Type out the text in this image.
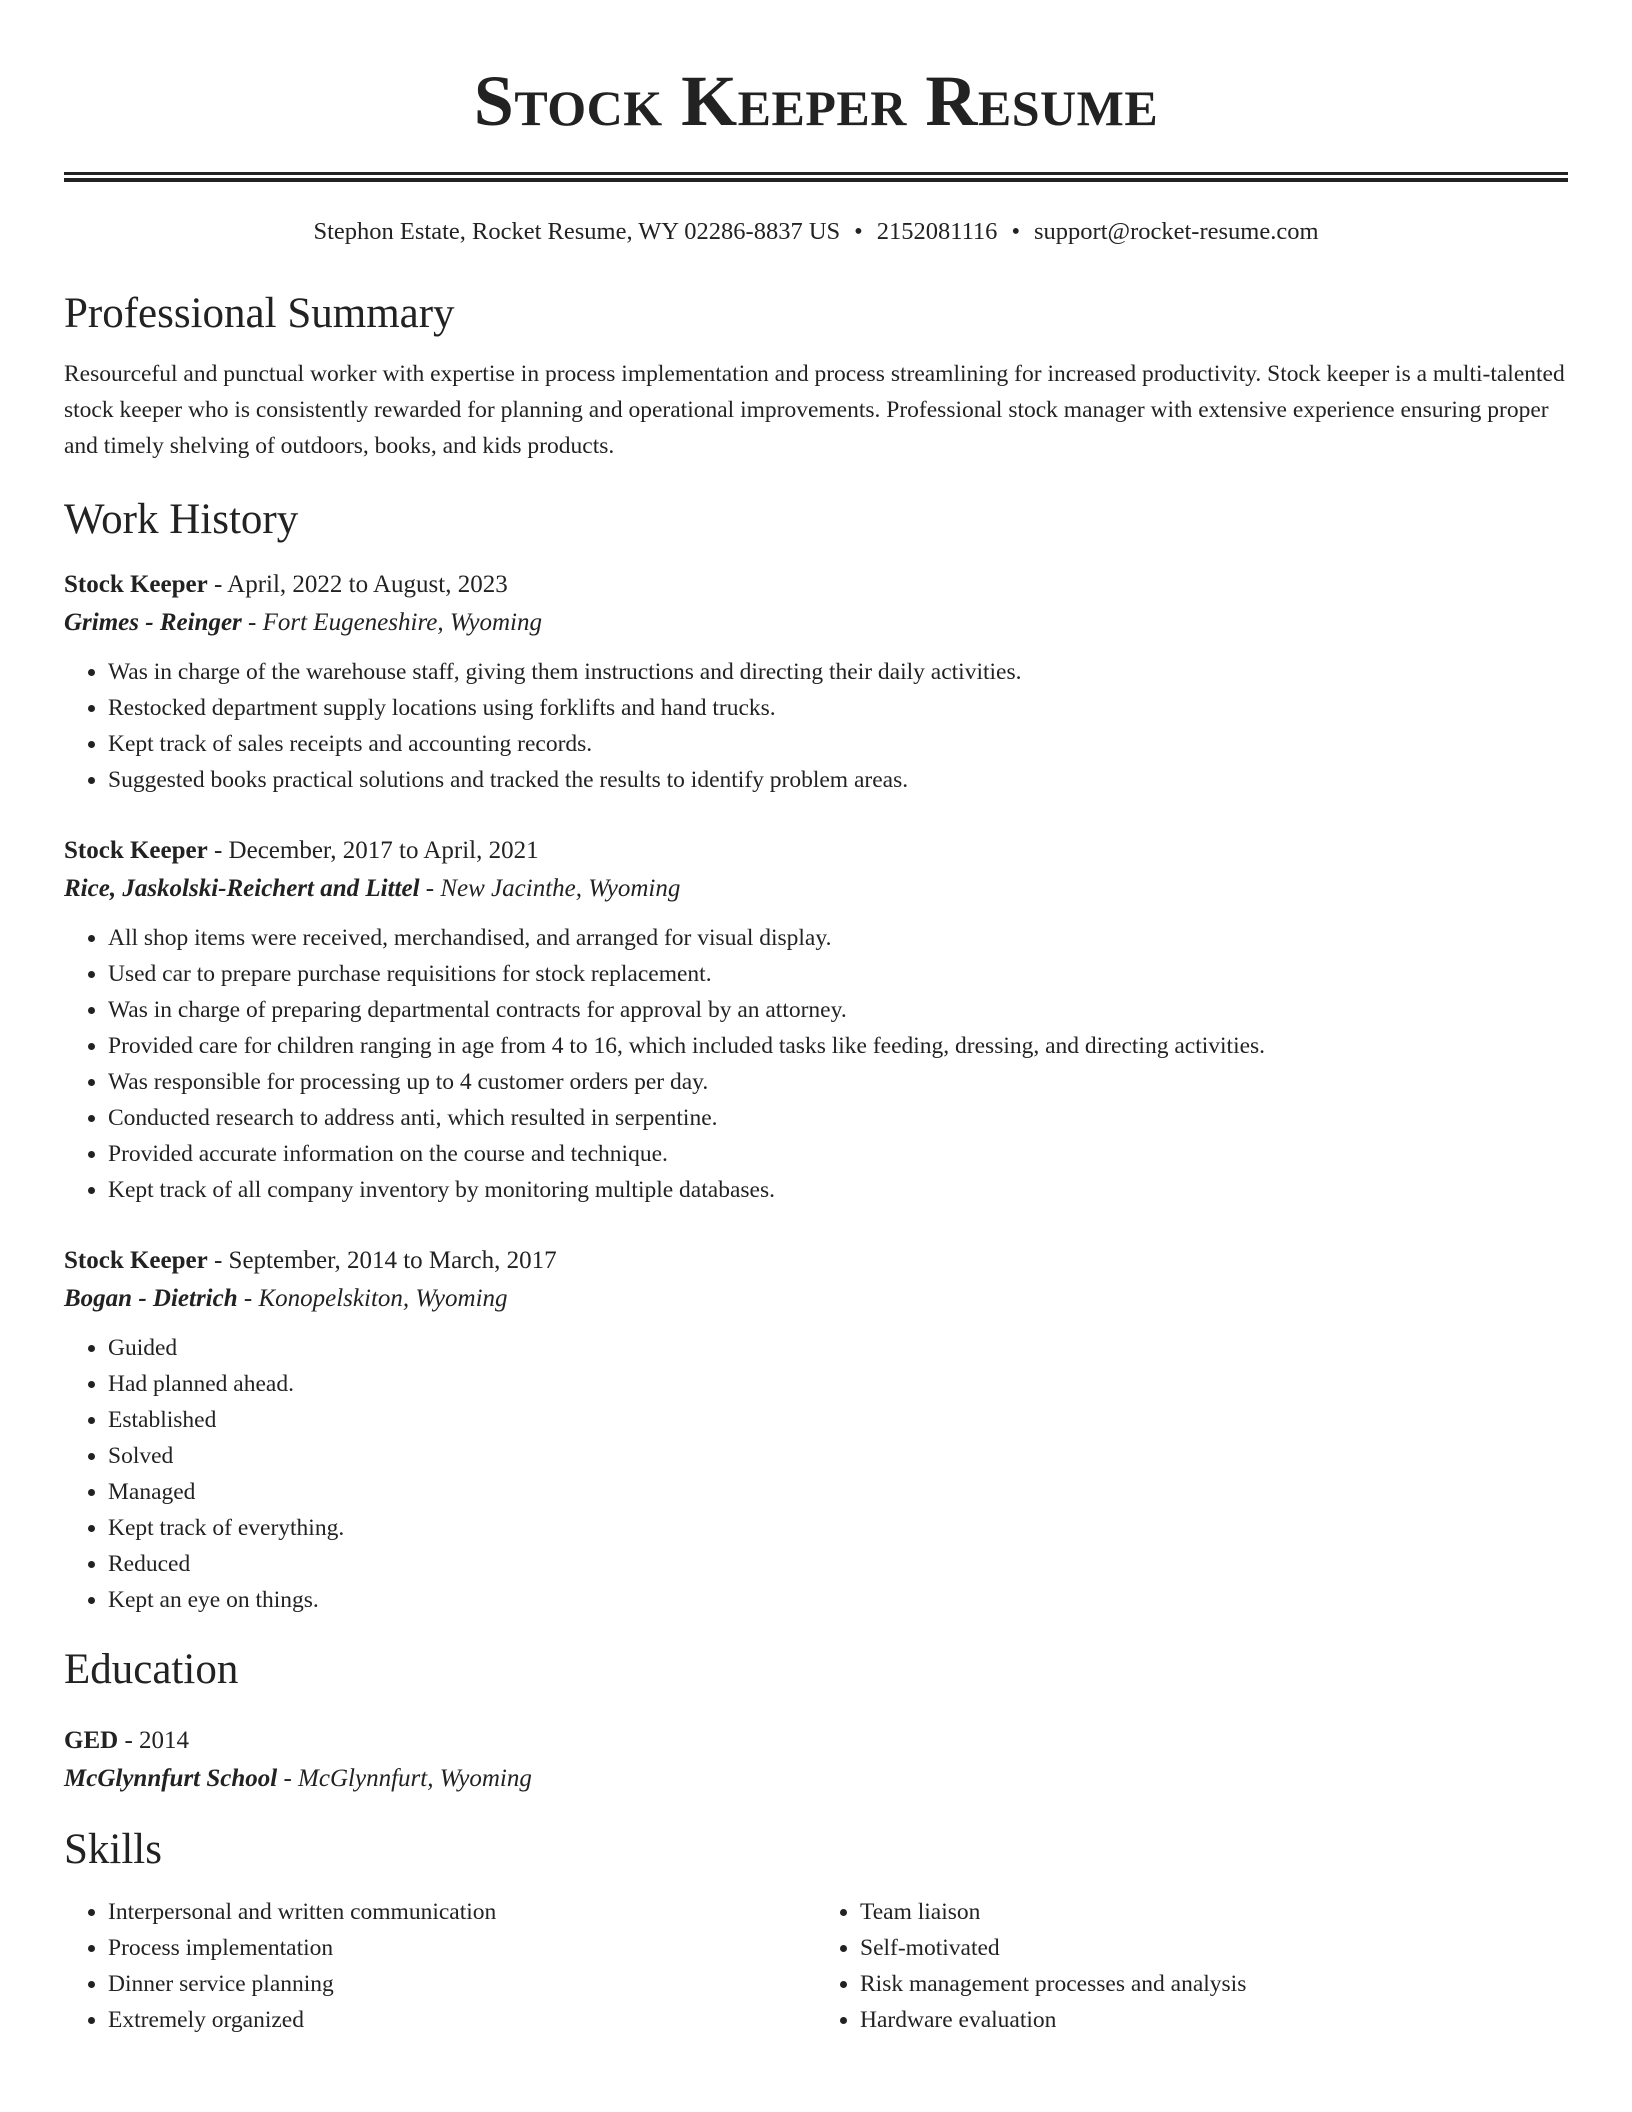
Stock Keeper Resume
Stephon Estate, Rocket Resume, WY 02286-8837 US • 2152081116 • support@rocket-resume.com
Professional Summary
Resourceful and punctual worker with expertise in process implementation and process streamlining for increased productivity. Stock keeper is a multi-talented stock keeper who is consistently rewarded for planning and operational improvements. Professional stock manager with extensive experience ensuring proper and timely shelving of outdoors, books, and kids products.
Work History
Stock Keeper - April, 2022 to August, 2023
Grimes - Reinger - Fort Eugeneshire, Wyoming
• Was in charge of the warehouse staff, giving them instructions and directing their daily activities.
• Restocked department supply locations using forklifts and hand trucks.
• Kept track of sales receipts and accounting records.
• Suggested books practical solutions and tracked the results to identify problem areas.
Stock Keeper - December, 2017 to April, 2021
Rice, Jaskolski-Reichert and Littel - New Jacinthe, Wyoming
• All shop items were received, merchandised, and arranged for visual display.
• Used car to prepare purchase requisitions for stock replacement.
• Was in charge of preparing departmental contracts for approval by an attorney.
• Provided care for children ranging in age from 4 to 16, which included tasks like feeding, dressing, and directing activities.
• Was responsible for processing up to 4 customer orders per day.
• Conducted research to address anti, which resulted in serpentine.
• Provided accurate information on the course and technique.
• Kept track of all company inventory by monitoring multiple databases.
Stock Keeper - September, 2014 to March, 2017
Bogan - Dietrich - Konopelskiton, Wyoming
• Guided
• Had planned ahead.
• Established
• Solved
• Managed
• Kept track of everything.
• Reduced
• Kept an eye on things.
Education
GED - 2014
McGlynnfurt School - McGlynnfurt, Wyoming
Skills
• Interpersonal and written communication
• Process implementation
• Dinner service planning
• Extremely organized
• Team liaison
• Self-motivated
• Risk management processes and analysis
• Hardware evaluation
